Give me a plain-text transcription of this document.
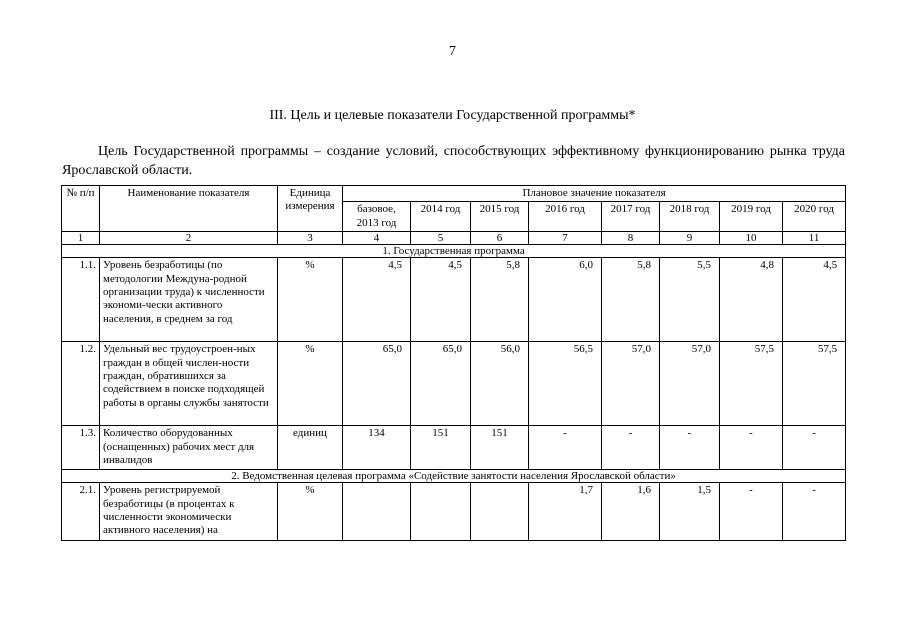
7
III. Цель и целевые показатели Государственной программы*
Цель Государственной программы – создание условий, способствующих эффективному функционированию рынка труда Ярославской области.
№ п/п	Наименование показателя	Единица измерения	Плановое значение показателя							
			базовое, 2013 год	2014 год	2015 год	2016 год	2017 год	2018 год	2019 год	2020 год
1	2	3	4	5	6	7	8	9	10	11
1. Государственная программа										
1.1.	Уровень безработицы (по методологии Междуна-родной организации труда) к численности экономи-чески активного населения, в среднем за год	%	4,5	4,5	5,8	6,0	5,8	5,5	4,8	4,5
1.2.	Удельный вес трудоустроен-ных граждан в общей числен-ности граждан, обратившихся за содействием в поиске подходящей работы в органы службы занятости	%	65,0	65,0	56,0	56,5	57,0	57,0	57,5	57,5
1.3.	Количество оборудованных (оснащенных) рабочих мест для инвалидов	единиц	134	151	151	-	-	-	-	-
2. Ведомственная целевая программа «Содействие занятости населения Ярославской области»										
2.1.	Уровень регистрируемой безработицы (в процентах к численности экономически активного населения) на	%				1,7	1,6	1,5	-	-
